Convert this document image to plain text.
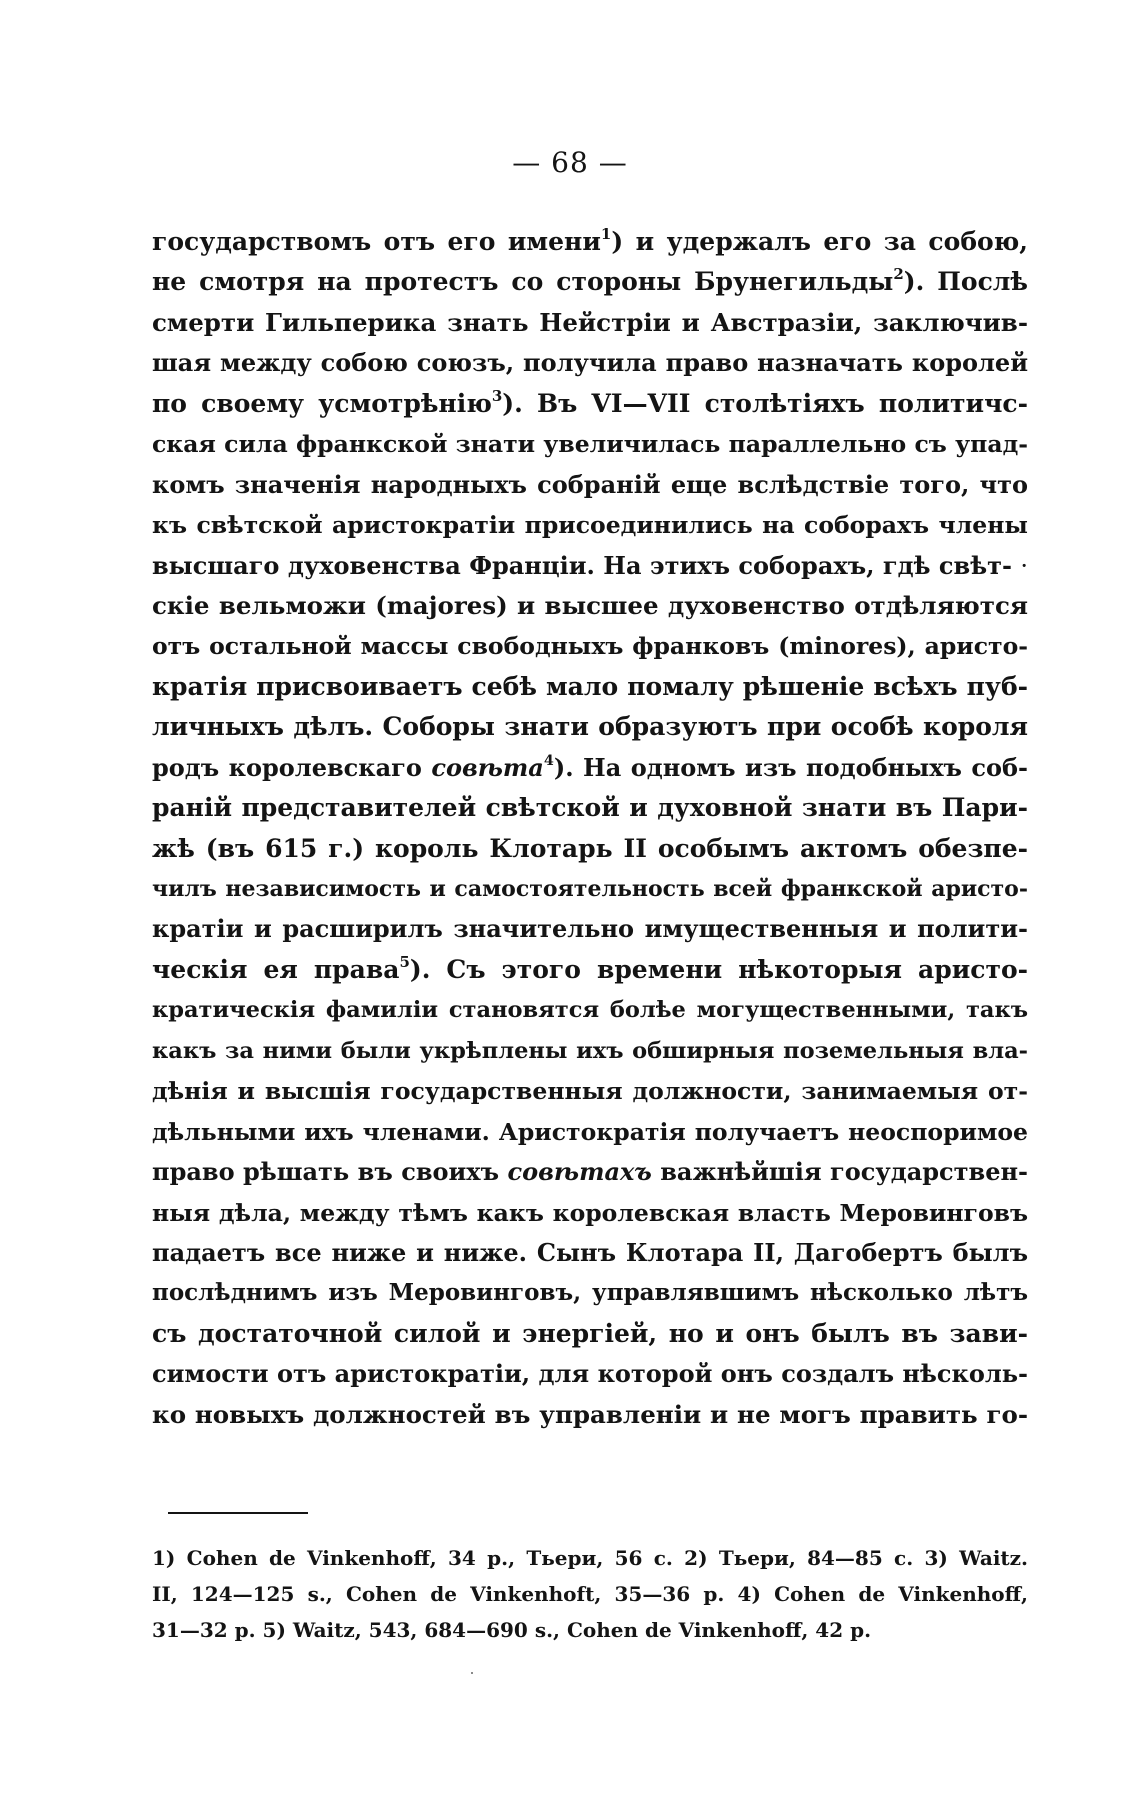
— 68 —
государствомъ отъ его имени$^1$) и удержалъ его за собою,
не смотря на протестъ со стороны Брунегильды$^2$). Послѣ
смерти Гильперика знать Нейстріи и Австразіи, заключив-
шая между собою союзъ, получила право назначать королей
по своему усмотрѣнію$^3$). Въ VI—VII столѣтіяхъ политичс-
ская сила франкской знати увеличилась параллельно съ упад-
комъ значенія народныхъ собраній еще вслѣдствіе того, что
къ свѣтской аристократіи присоединились на соборахъ члены
высшаго духовенства Франціи. На этихъ соборахъ, гдѣ свѣт- ·
скіе вельможи (majores) и высшее духовенство отдѣляются
отъ остальной массы свободныхъ франковъ (minores), аристо-
кратія присвоиваетъ себѣ мало помалу рѣшеніе всѣхъ пуб-
личныхъ дѣлъ. Соборы знати образуютъ при особѣ короля
родъ королевскаго совѣта$^4$). На одномъ изъ подобныхъ соб-
раній представителей свѣтской и духовной знати въ Пари-
жѣ (въ 615 г.) король Клотарь II особымъ актомъ обезпе-
чилъ независимость и самостоятельность всей франкской аристо-
кратіи и расширилъ значительно имущественныя и полити-
ческія ея права$^5$). Съ этого времени нѣкоторыя аристо-
кратическія фамиліи становятся болѣе могущественными, такъ
какъ за ними были укрѣплены ихъ обширныя поземельныя вла-
дѣнія и высшія государственныя должности, занимаемыя от-
дѣльными ихъ членами. Аристократія получаетъ неоспоримое
право рѣшать въ своихъ совѣтахъ важнѣйшія государствен-
ныя дѣла, между тѣмъ какъ королевская власть Меровинговъ
падаетъ все ниже и ниже. Сынъ Клотара II, Дагобертъ былъ
послѣднимъ изъ Меровинговъ, управлявшимъ нѣсколько лѣтъ
съ достаточной силой и энергіей, но и онъ былъ въ зави-
симости отъ аристократіи, для которой онъ создалъ нѣсколь-
ко новыхъ должностей въ управленіи и не могъ править го-
1) Cohen de Vinkenhoff, 34 p., Тьери, 56 с. 2) Тьери, 84—85 с. 3) Waitz.
II, 124—125 s., Cohen de Vinkenhoft, 35—36 p. 4) Cohen de Vinkenhoff,
31—32 p. 5) Waitz, 543, 684—690 s., Cohen de Vinkenhoff, 42 p.
